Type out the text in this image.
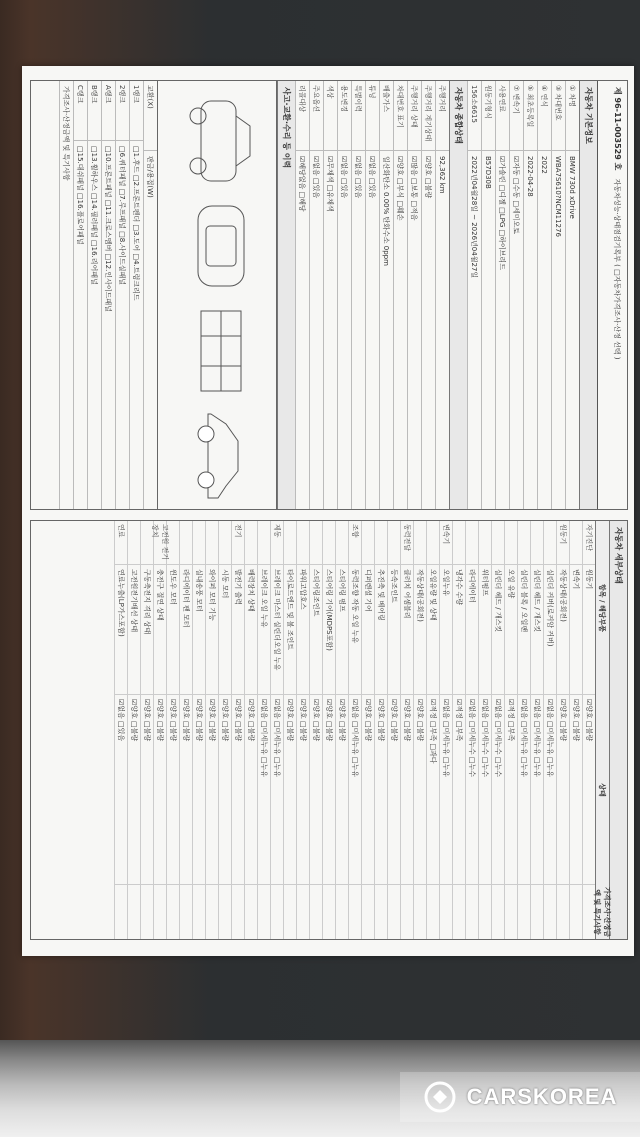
제 96-11-003529 호 자동차성능·상태점검기록부 ( □자동차가격조사·산정 선택 )
자동차 기본정보
① 차명
BMW 730d xDrive
③ 차대번호
WBA7S610?NCM11276
④ 연식
2022
⑤ 최초등록일
2022-04-28
⑦ 변속기
☑자동 □수동 □세미오토
사용연료
☑가솔린 □디젤 □LPG □하이브리드
원동기형식
B57D30B
156소6615
2022년04월28일 ~ 2026년04월27일
자동차 종합상태
주행거리
92,362 km
주행거리 계기상태
☑양호 □불량
주행거리 상태
☑많음 □보통 □적음
차대번호 표기
☑양호 □부식 □훼손
배출가스
일산화탄소 0.00% 탄화수소 0ppm
튜닝
☑없음 □있음
특별이력
☑없음 □있음
용도변경
☑없음 □있음
색상
☑무채색 □유채색
주요옵션
☑없음 □있음
리콜대상
☑해당없음 □해당
사고·교환·수리 등 이력
교환(X)
판금/용접(W)
1랭크
□1.후드 □2.프론트펜더 □3.도어 □4.트렁크리드
2랭크
□6.쿼터패널 □7.루프패널 □8.사이드실패널
A랭크
□10.프론트패널 □11.크로스멤버 □12.인사이드패널
B랭크
□13.휠하우스 □14.필러패널 □16.리어패널
C랭크
□15.대쉬패널 □16.플로어패널
가격조사·산정금액 및 특기사항
자동차 세부상태
항목 / 해당부품
상태
가격조사·산정금액 및 특기사항
자기진단
원동기
☑양호 □불량
변속기
☑양호 □불량
원동기
작동상태(공회전)
☑양호 □불량
실린더 커버(로커암 커버)
☑없음 □미세누유 □누유
실린더 헤드 / 개스킷
☑없음 □미세누유 □누유
실린더 블록 / 오일팬
☑없음 □미세누유 □누유
오일 유량
☑적정 □부족
실린더 헤드 / 개스킷
☑없음 □미세누수 □누수
워터펌프
☑없음 □미세누수 □누수
라디에이터
☑없음 □미세누수 □누수
냉각수 수량
☑적정 □부족
변속기
오일누유
☑없음 □미세누유 □누유
오일유량 및 상태
☑적정 □부족 □과다
작동상태(공회전)
☑양호 □불량
동력전달
클러치 어셈블리
☑양호 □불량
등속조인트
☑양호 □불량
추진축 및 베어링
☑양호 □불량
디퍼렌셜 기어
☑양호 □불량
조향
동력조향 작동 오일 누유
☑없음 □미세누유 □누유
스티어링 펌프
☑양호 □불량
스티어링 기어(MDPS포함)
☑양호 □불량
스티어링조인트
☑양호 □불량
파워고압호스
☑양호 □불량
타이로드엔드 및 볼 조인트
☑양호 □불량
제동
브레이크 마스터 실린더오일 누유
☑없음 □미세누유 □누유
브레이크 오일 누유
☑없음 □미세누유 □누유
배력장치 상태
☑양호 □불량
전기
발전기 출력
☑양호 □불량
시동 모터
☑양호 □불량
와이퍼 모터 기능
☑양호 □불량
실내송풍 모터
☑양호 □불량
라디에이터 팬 모터
☑양호 □불량
윈도우 모터
☑양호 □불량
고전원 전기장치
충전구 절연 상태
☑양호 □불량
구동축전지 격리 상태
☑양호 □불량
고전원전기배선 상태
☑양호 □불량
연료
연료누출(LP가스포함)
☑없음 □있음
CARSKOREA
